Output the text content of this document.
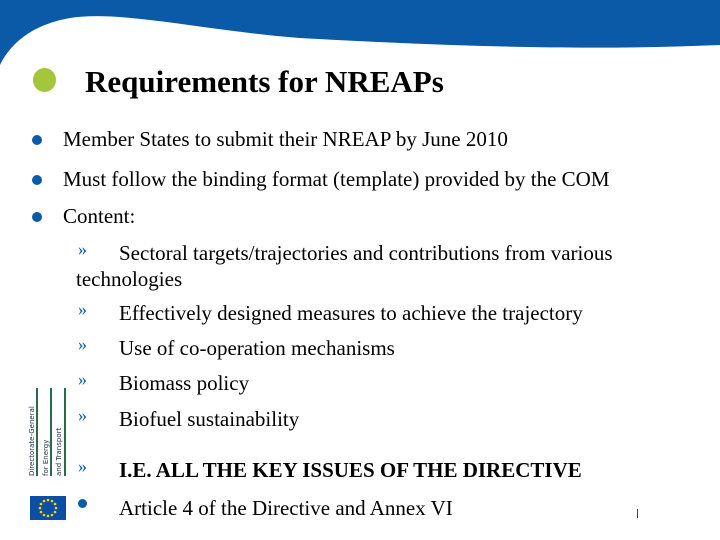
Requirements for NREAPs
Member States to submit their NREAP by June 2010
Must follow the binding format (template) provided by the COM
Content:
» Sectoral targets/trajectories and contributions from various
technologies
» Effectively designed measures to achieve the trajectory
» Use of co-operation mechanisms
» Biomass policy
» Biofuel sustainability
» I.E. ALL THE KEY ISSUES OF THE DIRECTIVE
Article 4 of the Directive and Annex VI
Directorate-General for Energy and Transport
